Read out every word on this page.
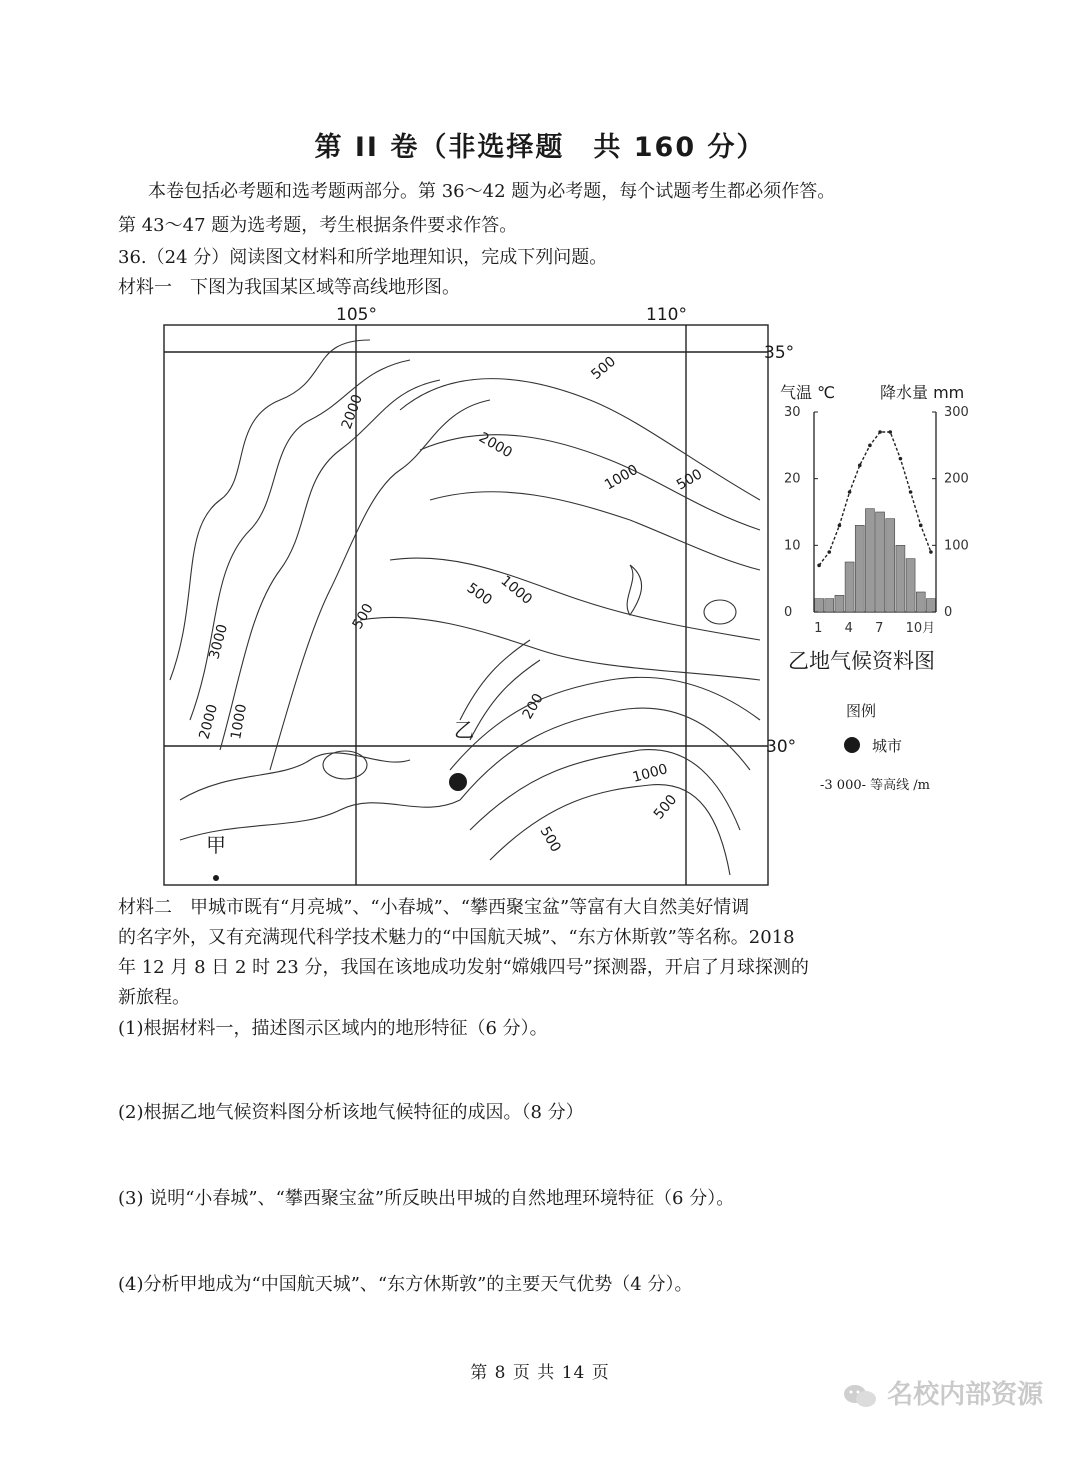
第 II 卷（非选择题　共 160 分）
本卷包括必考题和选考题两部分。第 36～42 题为必考题，每个试题考生都必须作答。
第 43～47 题为选考题，考生根据条件要求作答。
36.（24 分）阅读图文材料和所学地理知识，完成下列问题。
材料一　下图为我国某区域等高线地形图。
105°	110°
35°
30°
500
2000
2000
1000 500
500 1000
500
3000
2000 1000	200
1000
500
500
乙
甲
气温 ℃	降水量 mm
30
20
10
0
300
200
100
0
1 4 7 10月
乙地气候资料图
图例
城市
-3 000- 等高线 /m
材料二　甲城市既有“月亮城”、“小春城”、“攀西聚宝盆”等富有大自然美好情调
的名字外，又有充满现代科学技术魅力的“中国航天城”、“东方休斯敦”等名称。2018
年 12 月 8 日 2 时 23 分，我国在该地成功发射“嫦娥四号”探测器，开启了月球探测的
新旅程。
(1)根据材料一，描述图示区域内的地形特征（6 分）。
(2)根据乙地气候资料图分析该地气候特征的成因。（8 分）
(3) 说明“小春城”、“攀西聚宝盆”所反映出甲城的自然地理环境特征（6 分）。
(4)分析甲地成为“中国航天城”、“东方休斯敦”的主要天气优势（4 分）。
第 8 页 共 14 页
名校内部资源
